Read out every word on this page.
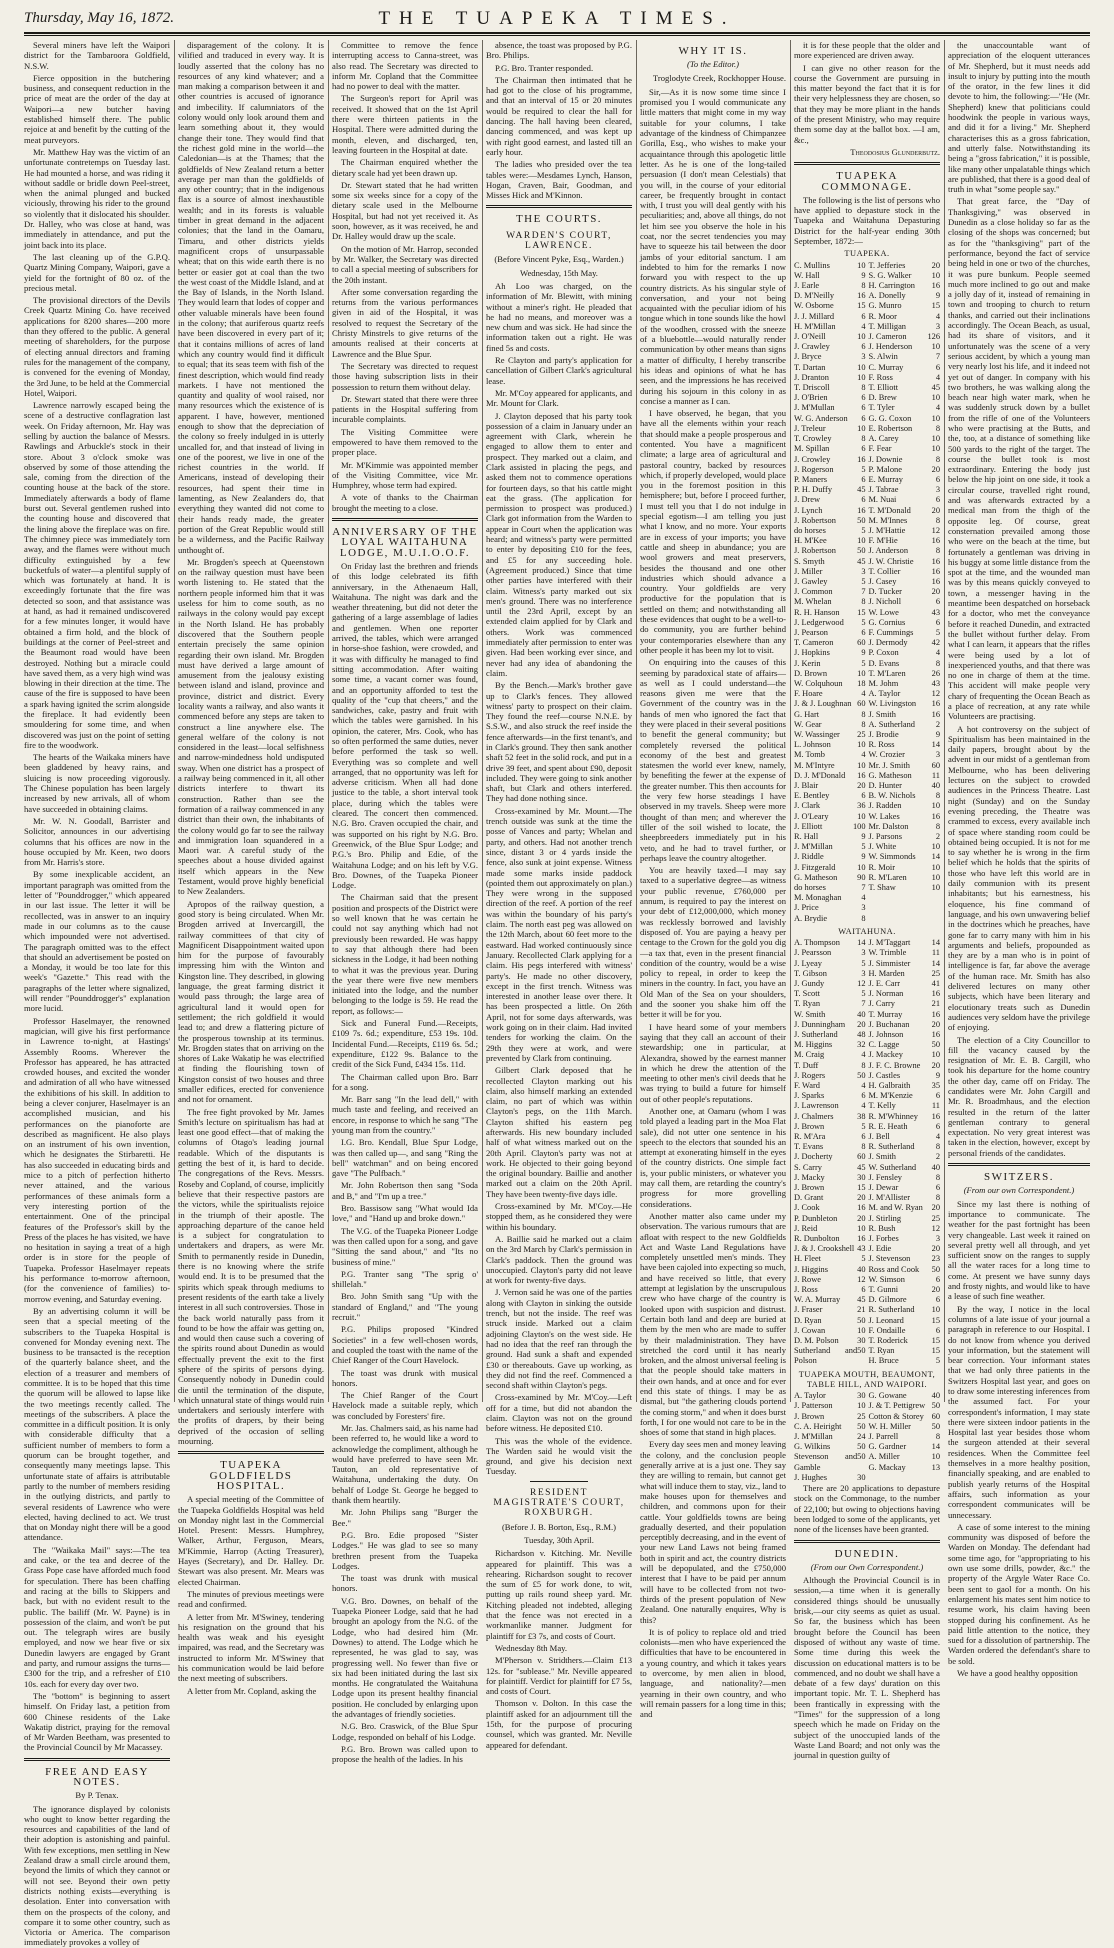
Thursday, May 16, 1872.	THE TUAPEKA TIMES.

Several miners have left the Waipori district for the Tambaroora Goldfield, N.S.W.

Fierce opposition in the butchering business, and consequent reduction in the price of meat are the order of the day at Waipori—a new butcher having established himself there. The public rejoice at and benefit by the cutting of the meat purveyors.

Mr. Matthew Hay was the victim of an unfortunate contretemps on Tuesday last. He had mounted a horse, and was riding it without saddle or bridle down Peel-street, when the animal plunged and bucked viciously, throwing his rider to the ground so violently that it dislocated his shoulder. Dr. Halley, who was close at hand, was immediately in attendance, and put the joint back into its place.

The last cleaning up of the G.P.Q. Quartz Mining Company, Waipori, gave a yield for the fortnight of 80 oz. of the precious metal.

The provisional directors of the Devils Creek Quartz Mining Co. have received applications for 8200 shares—200 more than they offered to the public. A general meeting of shareholders, for the purpose of electing annual directors and framing rules for the management of the company, is convened for the evening of Monday, the 3rd June, to be held at the Commercial Hotel, Waipori.

Lawrence narrowly escaped being the scene of a destructive conflagration last week. On Friday afternoon, Mr. Hay was selling by auction the balance of Messrs. Rawlings and Arbuckle's stock in their store. About 3 o'clock smoke was observed by some of those attending the sale, coming from the direction of the counting house at the back of the store. Immediately afterwards a body of flame burst out. Several gentlemen rushed into the counting house and discovered that the lining above the fireplace was on fire. The chimney piece was immediately torn away, and the flames were without much difficulty extinguished by a few bucketfuls of water—a plentiful supply of which was fortunately at hand. It is exceedingly fortunate that the fire was detected so soon, and that assistance was at hand, as had it remained undiscovered for a few minutes longer, it would have obtained a firm hold, and the block of buildings at the corner of Peel-street and the Beaumont road would have been destroyed. Nothing but a miracle could have saved them, as a very high wind was blowing in their direction at the time. The cause of the fire is supposed to have been a spark having ignited the scrim alongside the fireplace. It had evidently been smouldering for some time, and when discovered was just on the point of setting fire to the woodwork.

The hearts of the Waikaka miners have been gladdened by heavy rains, and sluicing is now proceeding vigorously. The Chinese population has been largely increased by new arrivals, all of whom have succeeded in obtaining claims.

Mr. W. N. Goodall, Barrister and Solicitor, announces in our advertising columns that his offices are now in the house occupied by Mr. Keen, two doors from Mr. Harris's store.

By some inexplicable accident, an important paragraph was omitted from the letter of "Pounddrogger," which appeared in our last issue. The letter it will be recollected, was in answer to an inquiry made in our columns as to the cause which impounded were not advertised. The paragraph omitted was to the effect that should an advertisement be posted on a Monday, it would be too late for this week's "Gazette." This read with the paragraphs of the letter where signalized, will render "Pounddrogger's" explanation more lucid.

Professor Haselmayer, the renowned magician, will give his first performance in Lawrence to-night, at Hastings' Assembly Rooms. Wherever the Professor has appeared, he has attracted crowded houses, and excited the wonder and admiration of all who have witnessed the exhibitions of his skill. In addition to being a clever conjurer, Haselmayer is an accomplished musician, and his performances on the pianoforte are described as magnificent. He also plays on an instrument of his own invention, which he designates the Stirbaretti. He has also succeeded in educating birds and mice to a pitch of perfection hitherto never attained, and the various performances of these animals form a very interesting portion of the entertainment. One of the principal features of the Professor's skill by the Press of the places he has visited, we have no hesitation in saying a treat of a high order is in store for the people of Tuapeka. Professor Haselmayer repeats his performance to-morrow afternoon, (for the convenience of families) to-morrow evening, and Saturday evening.

By an advertising column it will be seen that a special meeting of the subscribers to the Tuapeka Hospital is convened for Monday evening next. The business to be transacted is the reception of the quarterly balance sheet, and the election of a treasurer and members of committee. It is to be hoped that this time the quorum will be allowed to lapse like the two meetings recently called. The meetings of the subscribers. A place the committee in a difficult position. It is only with considerable difficulty that a sufficient number of members to form a quorum can be brought together, and consequently many meetings lapse. This unfortunate state of affairs is attributable partly to the number of members residing in the outlying districts, and partly to several residents of Lawrence who were elected, having declined to act. We trust that on Monday night there will be a good attendance.

The "Waikaka Mail" says:—The tea and cake, or the tea and decree of the Grass Pope case have afforded much food for speculation. There has been chaffing and racing at the bills to Skippers and back, but with no evident result to the public. The bailiff (Mr. W. Payne) is in possession of the claim, and won't be put out. The telegraph wires are busily employed, and now we hear five or six Dunedin lawyers are engaged by Grant and party, and rumour assigns the turns—£300 for the trip, and a refresher of £10 10s. each for every day over two.

The "bottom" is beginning to assert himself. On Friday last, a petition from 600 Chinese residents of the Lake Wakatip district, praying for the removal of Mr Warden Beetham, was presented to the Provincial Council by Mr Macassey.

FREE AND EASY NOTES.
By P. Tenax.

The ignorance displayed by colonists who ought to know better regarding the resources and capabilities of the land of their adoption is astonishing and painful. With few exceptions, men settling in New Zealand draw a small circle around them, beyond the limits of which they cannot or will not see. Beyond their own petty districts nothing exists—everything is desolation. Enter into conversation with them on the prospects of the colony, and compare it to some other country, such as Victoria or America. The comparison immediately provokes a volley of

disparagement of the colony. It is vilified and traduced in every way. It is loudly asserted that the colony has no resources of any kind whatever; and a man making a comparison between it and other countries is accused of ignorance and imbecility. If calumniators of the colony would only look around them and learn something about it, they would change their tone. They would find that the richest gold mine in the world—the Caledonian—is at the Thames; that the goldfields of New Zealand return a better average per man than the goldfields of any other country; that in the indigenous flax is a source of almost inexhaustible wealth; and in its forests is valuable timber in great demand in the adjacent colonies; that the land in the Oamaru, Timaru, and other districts yields magnificent crops of unsurpassable wheat; that on this wide earth there is no better or easier got at coal than the two the west coast of the Middle Island, and at the Bay of Islands, in the North Island. They would learn that lodes of copper and other valuable minerals have been found in the colony; that auriferous quartz reefs have been discovered in every part of it; that it contains millions of acres of land which any country would find it difficult to equal; that its seas teem with fish of the finest description, which would find ready markets. I have not mentioned the quantity and quality of wool raised, nor many resources which the existence of is apparent. I have, however, mentioned enough to show that the depreciation of the colony so freely indulged in is utterly uncalled for, and that instead of living in one of the poorest, we live in one of the richest countries in the world. If Americans, instead of developing their resources, had spent their time in lamenting, as New Zealanders do, that everything they wanted did not come to their hands ready made, the greater portion of the Great Republic would still be a wilderness, and the Pacific Railway unthought of.

Mr. Brogden's speech at Queenstown on the railway question must have been worth listening to. He stated that the northern people informed him that it was useless for him to come south, as no railways in the colony would pay except in the North Island. He has probably discovered that the Southern people entertain precisely the same opinion regarding their own island. Mr. Brogden must have derived a large amount of amusement from the jealousy existing between island and island, province and province, district and district. Every locality wants a railway, and also wants it commenced before any steps are taken to construct a line anywhere else. The general welfare of the colony is not considered in the least—local selfishness and narrow-mindedness hold undisputed sway. When one district has a prospect of a railway being commenced in it, all other districts interfere to thwart its construction. Rather than see the formation of a railway commenced in any district than their own, the inhabitants of the colony would go far to see the railway and immigration loan squandered in a Maori war. A careful study of the speeches about a house divided against itself which appears in the New Testament, would prove highly beneficial to New Zealanders.

Apropos of the railway question, a good story is being circulated. When Mr. Brogden arrived at Invercargill, the railway committees of that city of Magnificent Disappointment waited upon him for the purpose of favourably impressing him with the Winton and Kingston line. They described, in glowing language, the great farming district it would pass through; the large area of agricultural land it would open for settlement; the rich goldfield it would lead to; and drew a flattering picture of the prosperous township at its terminus. Mr. Brogden states that on arriving on the shores of Lake Wakatip he was electrified at finding the flourishing town of Kingston consist of two houses and three smaller edifices, erected for convenience and not for ornament.

The free fight provoked by Mr. James Smith's lecture on spiritualism has had at least one good effect—that of making the columns of Otago's leading journal readable. Which of the disputants is getting the best of it, is hard to decide. The congregations of the Revs. Messrs. Roseby and Copland, of course, implicitly believe that their respective pastors are the victors, while the spiritualists rejoice in the triumph of their apostle. The approaching departure of the canoe held is a subject for congratulation to undertakers and drapers, as were Mr. Smith to permanently reside in Dunedin, there is no knowing where the strife would end. It is to be presumed that the spirits which speak through mediums to present residents of the earth take a lively interest in all such controversies. Those in the back world naturally pass from it found to be how the affair was getting on, and would then cause such a covering of the spirits round about Dunedin as would effectually prevent the exit to the first sphere of the spirits of persons dying. Consequently nobody in Dunedin could die until the termination of the dispute, which unnatural state of things would ruin undertakers and seriously interfere with the profits of drapers, by their being deprived of the occasion of selling mourning.

TUAPEKA GOLDFIELDS HOSPITAL.

A special meeting of the Committee of the Tuapeka Goldfields Hospital was held on Monday night last in the Commercial Hotel. Present: Messrs. Humphrey, Walker, Arthur, Ferguson, Mears, M'Kimmie, Harrop (Acting Treasurer), Hayes (Secretary), and Dr. Halley. Dr. Stewart was also present. Mr. Mears was elected Chairman.

The minutes of previous meetings were read and confirmed.

A letter from Mr. M'Swiney, tendering his resignation on the ground that his health was weak and his eyesight impaired, was read, and the Secretary was instructed to inform Mr. M'Swiney that his communication would be laid before the next meeting of subscribers.

A letter from Mr. Copland, asking the

Committee to remove the fence interrupting access to Canna-street, was also read. The Secretary was directed to inform Mr. Copland that the Committee had no power to deal with the matter.

The Surgeon's report for April was received. It showed that on the 1st April there were thirteen patients in the Hospital. There were admitted during the month, eleven, and discharged, ten, leaving fourteen in the Hospital at date.

The Chairman enquired whether the dietary scale had yet been drawn up.

Dr. Stewart stated that he had written some six weeks since for a copy of the dietary scale used in the Melbourne Hospital, but had not yet received it. As soon, however, as it was received, he and Dr. Halley would draw up the scale.

On the motion of Mr. Harrop, seconded by Mr. Walker, the Secretary was directed to call a special meeting of subscribers for the 20th instant.

After some conversation regarding the returns from the various performances given in aid of the Hospital, it was resolved to request the Secretary of the Christy Minstrels to give returns of the amounts realised at their concerts at Lawrence and the Blue Spur.

The Secretary was directed to request those having subscription lists in their possession to return them without delay.

Dr. Stewart stated that there were three patients in the Hospital suffering from incurable complaints.

The Visiting Committee were empowered to have them removed to the proper place.

Mr. M'Kimmie was appointed member of the Visiting Committee, vice Mr. Humphrey, whose term had expired.

A vote of thanks to the Chairman brought the meeting to a close.

ANNIVERSARY OF THE LOYAL WAITAHUNA LODGE, M.U.I.O.O.F.

On Friday last the brethren and friends of this lodge celebrated its fifth anniversary, in the Athenaeum Hall, Waitahuna. The night was dark and the weather threatening, but did not deter the gathering of a large assemblage of ladies and gentlemen. When one reporter arrived, the tables, which were arranged in horse-shoe fashion, were crowded, and it was with difficulty he managed to find sitting accommodation. After waiting some time, a vacant corner was found, and an opportunity afforded to test the quality of the "cup that cheers," and the sandwiches, cake, pastry and fruit with which the tables were garnished. In his opinion, the caterer, Mrs. Cook, who has so often performed the same duties, never before performed the task so well. Everything was so complete and well arranged, that no opportunity was left for adverse criticism. When all had done justice to the table, a short interval took place, during which the tables were cleared. The concert then commenced. N.G. Bro. Craven occupied the chair, and was supported on his right by N.G. Bro. Greenwick, of the Blue Spur Lodge; and P.G.'s Bro. Philip and Edie, of the Waitahuna Lodge; and on his left by V.G. Bro. Downes, of the Tuapeka Pioneer Lodge.

The Chairman said that the present position and prospects of the District were so well known that he was certain he could not say anything which had not previously been rewarded. He was happy to say that although there had been sickness in the Lodge, it had been nothing to what it was the previous year. During the year there were five new members initiated into the lodge, and the number belonging to the lodge is 59. He read the report, as follows:—

Sick and Funeral Fund.—Receipts, £109 7s. 6d.; expenditure, £53 19s. 10d. Incidental Fund.—Receipts, £119 6s. 5d.; expenditure, £122 9s. Balance to the credit of the Sick Fund, £434 15s. 11d.

The Chairman called upon Bro. Barr for a song.

Mr. Barr sang "In the lead dell," with much taste and feeling, and received an encore, in response to which he sang "The young man from the country."

I.G. Bro. Kendall, Blue Spur Lodge, was then called up—, and sang "Ring the bell" watchman" and on being encored gave "The Pulfbach."

Mr. John Robertson then sang "Soda and B," and "I'm up a tree."

Bro. Bassisow sang "What would Ida love," and "Hand up and broke down."

The V.G. of the Tuapeka Pioneer Lodge was then called upon for a song, and gave "Sitting the sand about," and "Its no business of mine."

P.G. Tranter sang "The sprig o' shillelah."

Bro. John Smith sang "Up with the standard of England," and "The young recruit."

P.G. Philips proposed "Kindred Societies" in a few well-chosen words, and coupled the toast with the name of the Chief Ranger of the Court Havelock.

The toast was drunk with musical honors.

The Chief Ranger of the Court Havelock made a suitable reply, which was concluded by Foresters' fire.

Mr. Jas. Chalmers said, as his name had been referred to, he would like a word to acknowledge the compliment, although he would have preferred to have seen Mr. Tauton, an old representative of Waitahuna, undertaking the duty. On behalf of Lodge St. George he begged to thank them heartily.

Mr. John Philips sang "Burger the Bee."

P.G. Bro. Edie proposed "Sister Lodges." He was glad to see so many brethren present from the Tuapeka Lodges.

The toast was drunk with musical honors.

V.G. Bro. Downes, on behalf of the Tuapeka Pioneer Lodge, said that he had brought an apology from the N.G. of the Lodge, who had desired him (Mr. Downes) to attend. The Lodge which he represented, he was glad to say, was progressing well. No fewer than five or six had been initiated during the last six months. He congratulated the Waitahuna Lodge upon its present healthy financial position. He concluded by enlarging upon the advantages of friendly societies.

N.G. Bro. Craswick, of the Blue Spur Lodge, responded on behalf of his Lodge.

P.G. Bro. Brown was called upon to propose the health of the ladies. In his

absence, the toast was proposed by P.G. Bro. Philips.

P.G. Bro. Tranter responded.

The Chairman then intimated that he had got to the close of his programme, and that an interval of 15 or 20 minutes would be required to clear the hall for dancing. The hall having been cleared, dancing commenced, and was kept up with right good earnest, and lasted till an early hour.

The ladies who presided over the tea tables were:—Mesdames Lynch, Hanson, Hogan, Craven, Bair, Goodman, and Misses Hick and M'Kinnon.

THE COURTS.
WARDEN'S COURT, LAWRENCE.
(Before Vincent Pyke, Esq., Warden.)
Wednesday, 15th May.

Ah Loo was charged, on the information of Mr. Blewitt, with mining without a miner's right. He pleaded that he had no means, and moreover was a new chum and was sick. He had since the information taken out a right. He was fined 5s and costs.

Re Clayton and party's application for cancellation of Gilbert Clark's agricultural lease.

Mr. M'Coy appeared for applicants, and Mr. Mount for Clark.

J. Clayton deposed that his party took possession of a claim in January under an agreement with Clark, wherein he engaged to allow them to enter and prospect. They marked out a claim, and Clark assisted in placing the pegs, and asked them not to commence operations for fourteen days, so that his cattle might eat the grass. (The application for permission to prospect was produced.) Clark got information from the Warden to appear in Court when the application was heard; and witness's party were permitted to enter by depositing £10 for the fees, and £5 for any succeeding hole. (Agreement produced.) Since that time other parties have interfered with their claim. Witness's party marked out six men's ground. There was no interference until the 23rd April, except by an extended claim applied for by Clark and others. Work was commenced immediately after permission to enter was given. Had been working ever since, and never had any idea of abandoning the claim.

By the Bench.—Mark's brother gave up to Clark's fences. They allowed witness' party to prospect on their claim. They found the reef—course N.N.E. by S.S.W., and also struck the reef inside the fence afterwards—in the first tenant's, and in Clark's ground. They then sank another shaft 52 feet in the solid rock, and put in a drive 39 feet, and spent about £90, deposit included. They were going to sink another shaft, but Clark and others interfered. They had done nothing since.

Cross-examined by Mr. Mount.—The trench outside was sunk at the time the posse of Vances and party; Whelan and party, and others. Had not another trench since, distant 3 or 4 yards inside the fence, also sunk at joint expense. Witness made some marks inside paddock (pointed them out approximately on plan.) They were wrong in the supposed direction of the reef. A portion of the reef was within the boundary of his party's claim. The north east peg was allowed on the 12th March, about 60 feet more to the eastward. Had worked continuously since January. Recollected Clark applying for a claim. His pegs interfered with witness' party's. He made no other discovery, except in the first trench. Witness was interested in another lease over there. It has been prospected a little. On 26th April, not for some days afterwards, was work going on in their claim. Had invited tenders for working the claim. On the 29th they were at work, and were prevented by Clark from continuing.

Gilbert Clark deposed that he recollected Clayton marking out his claim, also himself marking an extended claim, no part of which was within Clayton's pegs, on the 11th March. Clayton shifted his eastern peg afterwards. His new boundary included half of what witness marked out on the 20th April. Clayton's party was not at work. He objected to their going beyond the original boundary. Baillie and another marked out a claim on the 20th April. They have been twenty-five days idle.

Cross-examined by Mr. M'Coy.—He stopped them, as he considered they were within his boundary.

A. Baillie said he marked out a claim on the 3rd March by Clark's permission in Clark's paddock. Then the ground was unoccupied. Clayton's party did not leave at work for twenty-five days.

J. Vernon said he was one of the parties along with Clayton in sinking the outside trench, but not the inside. The reef was struck inside. Marked out a claim adjoining Clayton's on the west side. He had no idea that the reef ran through the ground. Had sunk a shaft and expended £30 or thereabouts. Gave up working, as they did not find the reef. Commenced a second shaft within Clayton's pegs.

Cross-examined by Mr. M'Coy.—Left off for a time, but did not abandon the claim. Clayton was not on the ground before witness. He deposited £10.

This was the whole of the evidence. The Warden said he would visit the ground, and give his decision next Tuesday.

RESIDENT MAGISTRATE'S COURT, ROXBURGH.
(Before J. B. Borton, Esq., R.M.)
Tuesday, 30th April.

Richardson v. Kitching. Mr. Neville appeared for plaintiff. This was a rehearing. Richardson sought to recover the sum of £5 for work done, to wit, putting up rails round sheep yard. Mr. Kitching pleaded not indebted, alleging that the fence was not erected in a workmanlike manner. Judgment for plaintiff for £3 7s, and costs of Court.

Wednesday 8th May.

M'Pherson v. Stridthers.—Claim £13 12s. for "sublease." Mr. Neville appeared for plaintiff. Verdict for plaintiff for £7 5s, and costs of Court.

Thomson v. Dolton. In this case the plaintiff asked for an adjournment till the 15th, for the purpose of procuring counsel, which was granted. Mr. Neville appeared for defendant.

WHY IT IS.
(To the Editor.)
Troglodyte Creek, Rockhopper House.

Sir,—As it is now some time since I promised you I would communicate any little matters that might come in my way suitable for your columns, I take advantage of the kindness of Chimpanzee Gorilla, Esq., who wishes to make your acquaintance through this apologetic little letter. As he is one of the long-tailed persuasion (I don't mean Celestials) that you will, in the course of your editorial career, be frequently brought in contact with, I trust you will deal gently with his peculiarities; and, above all things, do not let him see you observe the hole in his coat, nor the secret tendencies you may have to squeeze his tail between the door jambs of your editorial sanctum. I am indebted to him for the remarks I now forward you with respect to the up country districts. As his singular style of conversation, and your not being acquainted with the peculiar idiom of his tongue which in tone sounds like the howl of the woodhen, crossed with the sneeze of a bluebottle—would naturally render communication by other means than signs a matter of difficulty, I hereby transcribe his ideas and opinions of what he has seen, and the impressions he has received during his sojourn in this colony in as concise a manner as I can.

I have observed, he began, that you have all the elements within your reach that should make a people prosperous and contented. You have a magnificent climate; a large area of agricultural and pastoral country, backed by resources which, if properly developed, would place you in the foremost position in this hemisphere; but, before I proceed further, I must tell you that I do not indulge in special egotism—I am telling you just what I know, and no more. Your exports are in excess of your imports; you have cattle and sheep in abundance; you are wool growers and meat preservers, besides the thousand and one other industries which should advance a country. Your goldfields are very productive for the population that is settled on them; and notwithstanding all these evidences that ought to be a well-to-do community, you are further behind your contemporaries elsewhere than any other people it has been my lot to visit.

On enquiring into the causes of this seeming by paradoxical state of affairs—as well as I could understand—the reasons given me were that the Government of the country was in the hands of men who ignored the fact that they were placed in their several positions to benefit the general community; but completely reversed the political economy of the best and greatest statesmen the world ever knew, namely, by benefiting the fewer at the expense of the greater number. This then accounts for the very few horse steadings I have observed in my travels. Sheep were more thought of than men; and wherever the tiller of the soil wished to locate, the sheepbreeders immediately put in his veto, and he had to travel further, or perhaps leave the country altogether.

You are heavily taxed—I may say taxed to a superlative degree—as witness your public revenue, £760,000 per annum, is required to pay the interest on your debt of £12,000,000, which money was recklessly borrowed and lavishly disposed of. You are paying a heavy per centage to the Crown for the gold you dig—a tax that, even in the present financial condition of the country, would be a wise policy to repeal, in order to keep the miners in the country. In fact, you have an Old Man of the Sea on your shoulders, and the sooner you shake him off the better it will be for you.

I have heard some of your members saying that they call an account of their stewardship; one in particular, at Alexandra, showed by the earnest manner in which he drew the attention of the meeting to other men's civil deeds that he was trying to build a future for himself out of other people's reputations.

Another one, at Oamaru (whom I was told played a leading part in the Moa Flat sale), did not utter one sentence in his speech to the electors that sounded his an attempt at exonerating himself in the eyes of the country districts. One simple fact is, your public ministers, or whatever you may call them, are retarding the country's progress for more grovelling considerations.

Another matter also came under my observation. The various rumours that are afloat with respect to the new Goldfields Act and Waste Land Regulations have completely unsettled men's minds. They have been cajoled into expecting so much, and have received so little, that every attempt at legislation by the unscrupulous crew who have charge of the country is looked upon with suspicion and distrust. Certain both land and deep are buried at them by the men who are made to suffer by their maladministration. They have stretched the cord until it has nearly broken, and the almost universal feeling is that the people should take matters in their own hands, and at once and for ever end this state of things. I may be as dismal, but "the gathering clouds portend the coming storm," and when it does burst forth, I for one would not care to be in the shoes of some that stand in high places.

Every day sees men and money leaving the colony, and the conclusion people generally arrive at is a just one. They say they are willing to remain, but cannot get what will induce them to stay, viz., land to make houses upon for themselves and children, and commons upon for their cattle. Your goldfields towns are being gradually deserted, and their population perceptibly decreasing, and in the event of your new Land Laws not being framed both in spirit and act, the country districts will be depopulated, and the £750,000 interest that I have to be paid per annum will have to be collected from not two-thirds of the present population of New Zealand. One naturally enquires, Why is this?

It is of policy to replace old and tried colonists—men who have experienced the difficulties that have to be encountered in a young country, and which it takes years to overcome, by men alien in blood, language, and nationality?—men yearning in their own country, and who will remain passers for a long time in this; and

it is for these people that the older and more experienced are driven away.

I can give no other reason for the course the Government are pursuing in this matter beyond the fact that it is for their very helplessness they are chosen, so that they may be more pliant in the hands of the present Ministry, who may require them some day at the ballot box. —I am, &c.,

Theodosius Glunderbutz.
TUAPEKA COMMONAGE.

The following is the list of persons who have applied to depasture stock in the Tuapeka and Waitahuna Depasturing District for the half-year ending 30th September, 1872:—

TUAPEKA.
C. Mullins	10
W. Hall	9
J. Earle	8
D. M'Neilly	16
W. Osborne	15
J. J. Millard	6
H. M'Millan	4
J. O'Neill	10
J. Crawley	6
J. Bryce	3
T. Dartan	10
J. Dranton	10
T. Driscoll	8
J. O'Brien	6
J. M'Mullan	6
W. G. Anderson 6
J. Treleur	10
T. Crowley	8
M. Spillan	6
J. Crowley	16
J. Rogerson	5
P. Maners	6
P. H. Duffy	45
J. Drew	6
J. Lynch	16
J. Robertson	50
do horses	5
H. M'Kee	10
J. Robertson	50
S. Smyth	45
J. Miller	3
J. Gawley	5
J. Common	7
M. Whelan	8
R. H. Hanson 15
J. Ledgerwood 5
J. Pearson	6
T. Cameron	60
J. Hopkins	9
J. Kerin	5
D. Brown	10
W. Colquhoun 18
F. Hoare	4
J. & J. Loughnan 60
G. Hart	8
W. Gear	8
W. Wassinger 25
L. Johnson	10
M. Tomb	4
M. M'Intyre	10
D. J. M'Donald 16
J. Blair	20
E. Bentley	6
J. Clark	36
J. O'Leary	10
J. Elliott	100
R. Hall	9
J. M'Millan	5
J. Riddle	9
J. Fitzgerald	10
G. Matheson 90
do horses	7
M. Monaghan 4
J. Price	3
A. Brydie	8
T. Jefferies	20
S. G. Walker 10
H. Carrington 16
A. Donelly	9
G. Munro	15
R. Moor	4
T. Milligan	3
J. Cameron 126
J. Henderson 10
S. Alwin	7
C. Murray	6
F. Ross	4
T. Elliott	45
D. Brew	10
T. Tyler	4
G. G. Coxon 10
E. Robertson	8
A. Carey	10
F. Fear	10
J. Downie	8
P. Malone	20
E. Murray	6
J. Tabrae	3
M. Nuai	6
T. M'Donald 20
M. M'Innes	8
J. M'Hattie	12
F. M'Hie	16
J. Anderson	8
J. W. Christie 16
T. Collier	16
J. Casey	16
D. Tucker	20
J. Nicholl	6
W. Lowe	43
G. Cornius	6
F. Cummings	5
J. Dermody	42
P. Coxon	4
D. Evans	8
T. M'Laren	26
M. Johm	43
A. Taylor	12
W. Livingston 16
J. Smith	16
A. Sutherland 2
J. Brodie	9
R. Ross	14
W. Crozier	3
Mr. J. Smith	60
G. Matheson 11
D. Hunter	40
B. W. Nichols 8
J. Radden	10
W. Lakes	16
Mr. Dalston	8
J. Parsons	2
J. White	10
W. Simmonds 14
R. Moir	10
R. M'Laren	10
T. Shaw	10
WAITAHUNA.
A. Thompson 14
J. Pearsson	3
J. Lyeay	5
T. Gibson	3
J. Gundy	12
T. Scott	5
T. Ryan	7
W. Smith	40
J. Dunningham 20
J. Sutherland 48
M. Higgins	32
M. Craig	4
T. Duff	8
J. Rogers	50
F. Ward	4
J. Sparks	6
J. Lawrenson	4
J. Chalmers	38
J. Brown	5
R. M'Ara	6
T. Evans	8
J. Docherty	60
S. Carry	45
J. Macky	30
J. Brown	15
D. Grant	20
J. Cook	16
P. Dunbleton 20
J. Reid	10
R. Dunbolton 16
J. & J. Crookshell 43
H. Fleet	5
J. Higgins	40
J. Rowe	12
J. Ross	6
W. A. Murray 45
J. Fraser	21
D. Ryan	50
J. Cowan	10
D. M. Polson 30
Sutherland and Polson
50
J. M'Taggart	14
W. Trimble	11
J. Simmister	14
H. Marden	25
J. E. Carr	41
J. Norman	16
J. Carry	21
T. Murray	16
J. Buchanan	20
J. Johnson	16
C. Lagge	50
J. Mackey	10
J. F. C. Browne 20
J. Castles	9
H. Galbraith	35
M. M'Kenzie	6
T. Kelly	11
R. M'Whinney 16
R. E. Heath	6
J. Bell	4
R. Sutherland	8
J. Smith	2
W. Sutherland 40
J. Fensley	8
J. Dewar	6
J. M'Allister	8
M. and W. Ryan 20
J. Stirling	25
R. Bush	12
J. Forbes	3
J. Edie	20
J. Stevenson	23
Ross and Cook 50
W. Simson	6
T. Gunni	20
D. Gilmore	6
R. Sutherland 10
J. Leonard	15
F. Ondaille	6
T. Roderick	15
T. Ryan	15
H. Bruce	5
TUAPEKA MOUTH, BEAUMONT, TABLE HILL, AND WAIPORI.
A. Taylor	30
J. Patterson	10
J. Brown	25
C. A. Heiright 50
J. M'Millan	24
G. Wilkins	50
Stevenson and Gamble
50
J. Hughes	30
G. Gowane	40
J. & T. Pettigrew 50
Cotton & Storey 60
W. H. Miller 50
J. Parrell	8
G. Gardner	14
A. Miller	10
G. Mackay	13

There are 20 applications to depasture stock on the Commonage, to the number of 22,100; but owing to objections having been lodged to some of the applicants, yet none of the licenses have been granted.

DUNEDIN.
(From our Own Correspondent.)

Although the Provincial Council is in session,—a time when it is generally considered things should be unusually brisk,—our city seems as quiet as usual. So far, the business which has been brought before the Council has been disposed of without any waste of time. Some time during this week the discussion on educational matters is to be commenced, and no doubt we shall have a debate of a few days' duration on this important topic. Mr. T. L. Shepherd has been frantically in expressing with the "Times" for the suppression of a long speech which he made on Friday on the subject of the unoccupied lands of the Waste Land Board; and not only was the journal in question guilty of

the unaccountable want of appreciation of the eloquent utterances of Mr. Shepherd, but it must needs add insult to injury by putting into the mouth of the orator, in the few lines it did devote to him, the following:—"He (Mr. Shepherd) knew that politicians could hoodwink the people in various ways, and did it for a living." Mr. Shepherd characterises this as a gross fabrication, and utterly false. Notwithstanding its being a "gross fabrication," it is possible, like many other unpalatable things which are published, that there is a good deal of truth in what "some people say."

That great farce, the "Day of Thanksgiving," was observed in Dunedin as a close holiday so far as the closing of the shops was concerned; but as for the "thanksgiving" part of the performance, beyond the fact of service being held in one or two of the churches, it was pure bunkum. People seemed much more inclined to go out and make a jolly day of it, instead of remaining in town and trooping to church to return thanks, and carried out their inclinations accordingly. The Ocean Beach, as usual, had its share of visitors, and it unfortunately was the scene of a very serious accident, by which a young man very nearly lost his life, and it indeed not yet out of danger. In company with his two brothers, he was walking along the beach near high water mark, when he was suddenly struck down by a bullet from the rifle of one of the Volunteers who were practising at the Butts, and the, too, at a distance of something like 500 yards to the right of the target. The course the bullet took is most extraordinary. Entering the body just below the hip joint on one side, it took a circular course, travelled right round, and was afterwards extracted by a medical man from the thigh of the opposite leg. Of course, great consternation prevailed among those who were on the beach at the time, but fortunately a gentleman was driving in his buggy at some little distance from the spot at the time, and the wounded man was by this means quickly conveyed to town, a messenger having in the meantime been despatched on horseback for a doctor, who met the conveyance before it reached Dunedin, and extracted the bullet without further delay. From what I can learn, it appears that the rifles were being used by a lot of inexperienced youths, and that there was no one in charge of them at the time. This accident will make people very chary of frequenting the Ocean Beach as a place of recreation, at any rate while Volunteers are practising.

A hot controversy on the subject of Spiritualism has been maintained in the daily papers, brought about by the advent in our midst of a gentleman from Melbourne, who has been delivering lectures on the subject to crowded audiences in the Princess Theatre. Last night (Sunday) and on the Sunday evening preceding, the Theatre was crammed to excess, every available inch of space where standing room could be obtained being occupied. It is not for me to say whether he is wrong in the firm belief which he holds that the spirits of those who have left this world are in daily communion with its present inhabitants; but his earnestness, his eloquence, his fine command of language, and his own unwavering belief in the doctrines which he preaches, have gone far to carry many with him in his arguments and beliefs, propounded as they are by a man who is in point of intelligence is far, far above the average of the human race. Mr. Smith has also delivered lectures on many other subjects, which have been literary and elocutionary treats such as Dunedin audiences very seldom have the privilege of enjoying.

The election of a City Councillor to fill the vacancy caused by the resignation of Mr. E. B. Cargill, who took his departure for the home country the other day, came off on Friday. The candidates were Mr. John Cargill and Mr. R. Broadmhaus, and the election resulted in the return of the latter gentleman contrary to general expectation. No very great interest was taken in the election, however, except by personal friends of the candidates.

SWITZERS.
(From our own Correspondent.)

Since my last there is nothing of importance to communicate. The weather for the past fortnight has been very changeable. Last week it rained on several pretty well all through, and yet sufficient snow on the ranges to supply all the water races for a long time to come. At present we have sunny days and frosty nights, and would like to have a lease of such fine weather.

By the way, I notice in the local columns of a late issue of your journal a paragraph in reference to our Hospital. I do not know from whence you derived your information, but the statement will bear correction. Your informant states that we had only three patients in the Switzers Hospital last year, and goes on to draw some interesting inferences from the assumed fact. For your correspondent's information, I may state there were sixteen indoor patients in the Hospital last year besides those whom the surgeon attended at their several residences. When the Committee feel themselves in a more healthy position, financially speaking, and are enabled to publish yearly returns of the Hospital affairs, such information as your correspondent communicates will be unnecessary.

A case of some interest to the mining community was disposed of before the Warden on Monday. The defendant had some time ago, for "appropriating to his own use some drills, powder, &c." the property of the Argyle Water Race Co. been sent to gaol for a month. On his enlargement his mates sent him notice to resume work, his claim having been stopped during his confinement. As he paid little attention to the notice, they sued for a dissolution of partnership. The Warden ordered the defendant's share to be sold.

We have a good healthy opposition
